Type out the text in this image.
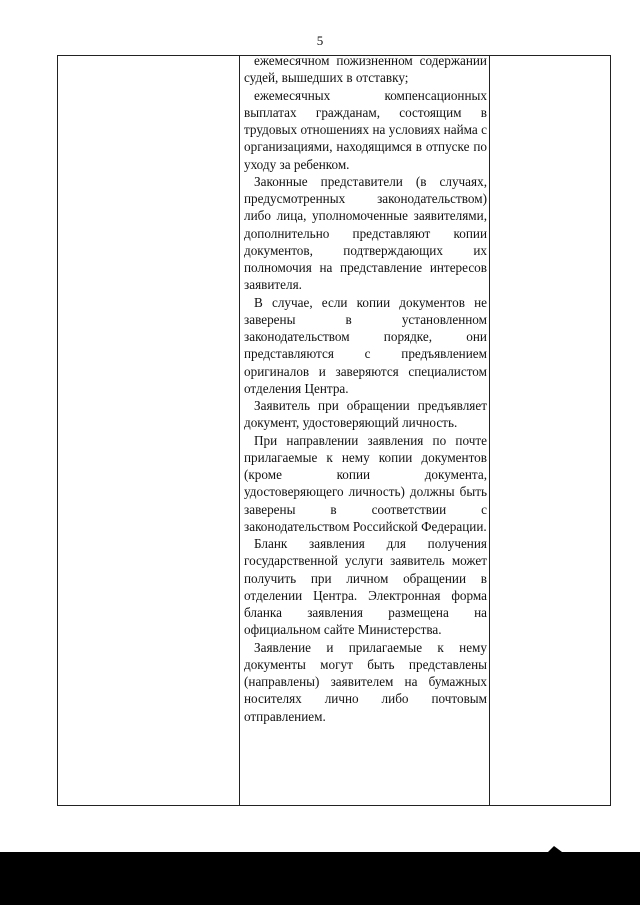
5

ежемесячном пожизненном содержании судей, вышедших в отставку;

ежемесячных компенсационных выплатах гражданам, состоящим в трудовых отношениях на условиях найма с организациями, находящимся в отпуске по уходу за ребенком.

Законные представители (в случаях, предусмотренных законодательством) либо лица, уполномоченные заявителями, дополнительно представляют копии документов, подтверждающих их полномочия на представление интересов заявителя.

В случае, если копии документов не заверены в установленном законодательством порядке, они представляются с предъявлением оригиналов и заверяются специалистом отделения Центра.

Заявитель при обращении предъявляет документ, удостоверяющий личность.

При направлении заявления по почте прилагаемые к нему копии документов (кроме копии документа, удостоверяющего личность) должны быть заверены в соответствии с законодательством Российской Федерации.

Бланк заявления для получения государственной услуги заявитель может получить при личном обращении в отделении Центра. Электронная форма бланка заявления размещена на официальном сайте Министерства.

Заявление и прилагаемые к нему документы могут быть представлены (направлены) заявителем на бумажных носителях лично либо почтовым отправлением.
